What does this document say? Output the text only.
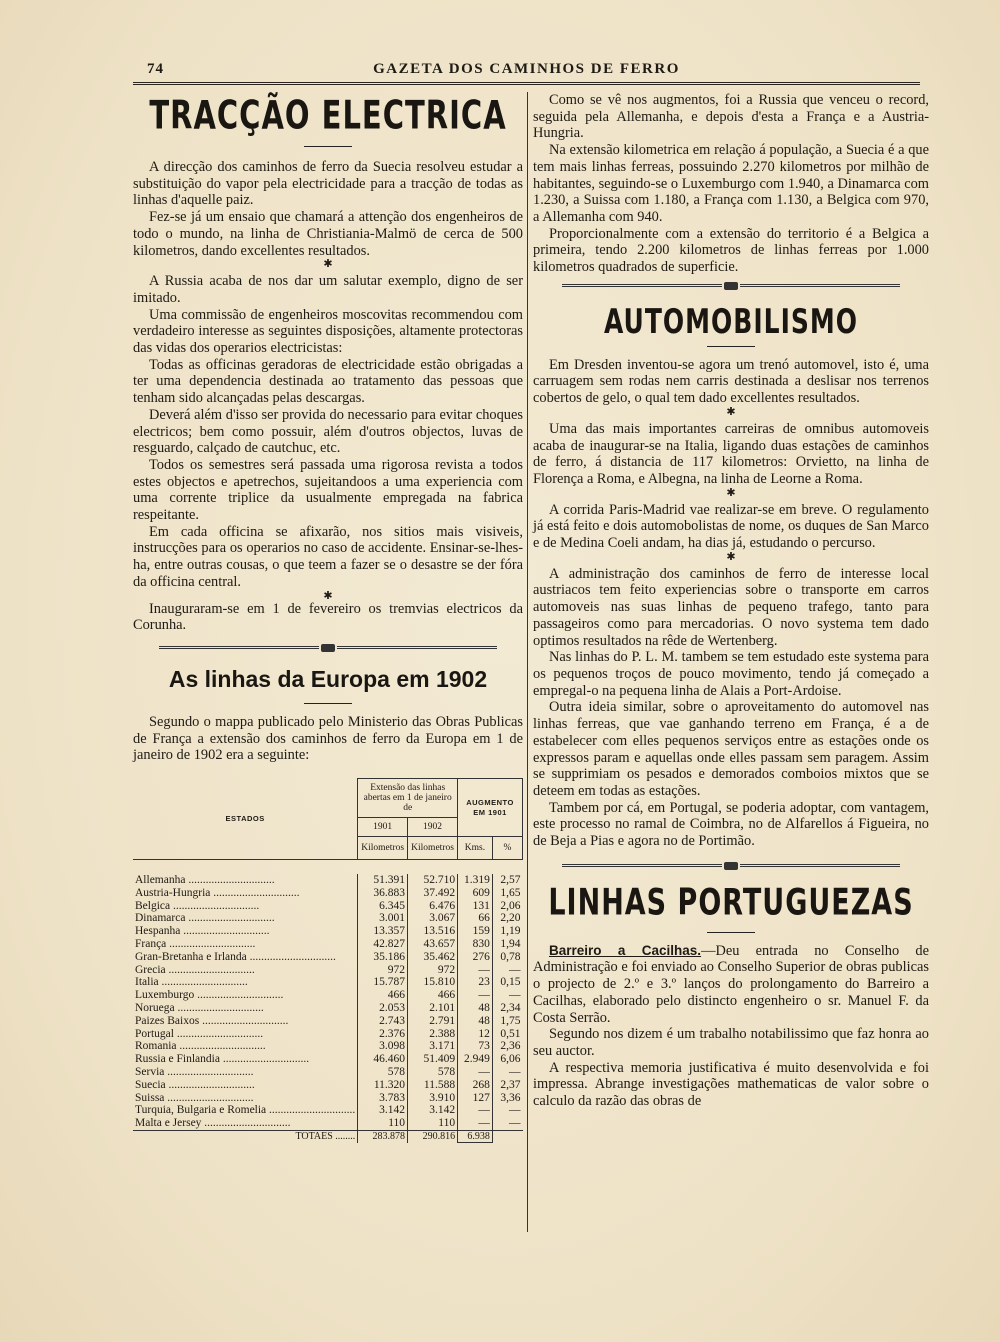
74	GAZETA DOS CAMINHOS DE FERRO
TRACÇÃO ELECTRICA

A direcção dos caminhos de ferro da Suecia resolveu estudar a substituição do vapor pela electricidade para a tracção de todas as linhas d'aquelle paiz.

Fez-se já um ensaio que chamará a attenção dos engenheiros de todo o mundo, na linha de Christiania-Malmö de cerca de 500 kilometros, dando excellentes resultados.

✱

A Russia acaba de nos dar um salutar exemplo, digno de ser imitado.

Uma commissão de engenheiros moscovitas recommendou com verdadeiro interesse as seguintes disposições, altamente protectoras das vidas dos operarios electricistas:

Todas as officinas geradoras de electricidade estão obrigadas a ter uma dependencia destinada ao tratamento das pessoas que tenham sido alcançadas pelas descargas.

Deverá além d'isso ser provida do necessario para evitar choques electricos; bem como possuir, além d'outros objectos, luvas de resguardo, calçado de cautchuc, etc.

Todos os semestres será passada uma rigorosa revista a todos estes objectos e apetrechos, sujeitandoos a uma experiencia com uma corrente triplice da usualmente empregada na fabrica respeitante.

Em cada officina se afixarão, nos sitios mais visiveis, instrucções para os operarios no caso de accidente. Ensinar-se-lhes-ha, entre outras cousas, o que teem a fazer se o desastre se der fóra da officina central.

✱

Inauguraram-se em 1 de fevereiro os tremvias electricos da Corunha.

As linhas da Europa em 1902

Segundo o mappa publicado pelo Ministerio das Obras Publicas de França a extensão dos caminhos de ferro da Europa em 1 de janeiro de 1902 era a seguinte:

ESTADOS	Extensão das linhas abertas em 1 de janeiro de		AUGMENTO EM 1901	
	1901	1902		
	Kilometros	Kilometros	Kms.	%

Allemanha ..............................	51.391	52.710	1.319	2,57
Austria-Hungria ..............................	36.883	37.492	609	1,65
Belgica ..............................	6.345	6.476	131	2,06
Dinamarca ..............................	3.001	3.067	66	2,20
Hespanha ..............................	13.357	13.516	159	1,19
França ..............................	42.827	43.657	830	1,94
Gran-Bretanha e Irlanda ..............................	35.186	35.462	276	0,78
Grecia ..............................	972	972	—	—
Italia ..............................	15.787	15.810	23	0,15
Luxemburgo ..............................	466	466	—	—
Noruega ..............................	2.053	2.101	48	2,34
Paizes Baixos ..............................	2.743	2.791	48	1,75
Portugal ..............................	2.376	2.388	12	0,51
Romania ..............................	3.098	3.171	73	2,36
Russia e Finlandia ..............................	46.460	51.409	2.949	6,06
Servia ..............................	578	578	—	—
Suecia ..............................	11.320	11.588	268	2,37
Suissa ..............................	3.783	3.910	127	3,36
Turquia, Bulgaria e Romelia ..............................	3.142	3.142	—	—
Malta e Jersey ..............................	110	110	—	—
TOTAES ........	283.878	290.816	6.938	

Como se vê nos augmentos, foi a Russia que venceu o record, seguida pela Allemanha, e depois d'esta a França e a Austria-Hungria.

Na extensão kilometrica em relação á população, a Suecia é a que tem mais linhas ferreas, possuindo 2.270 kilometros por milhão de habitantes, seguindo-se o Luxemburgo com 1.940, a Dinamarca com 1.230, a Suissa com 1.180, a França com 1.130, a Belgica com 970, a Allemanha com 940.

Proporcionalmente com a extensão do territorio é a Belgica a primeira, tendo 2.200 kilometros de linhas ferreas por 1.000 kilometros quadrados de superficie.

AUTOMOBILISMO

Em Dresden inventou-se agora um trenó automovel, isto é, uma carruagem sem rodas nem carris destinada a deslisar nos terrenos cobertos de gelo, o qual tem dado excellentes resultados.

✱

Uma das mais importantes carreiras de omnibus automoveis acaba de inaugurar-se na Italia, ligando duas estações de caminhos de ferro, á distancia de 117 kilometros: Orvietto, na linha de Florença a Roma, e Albegna, na linha de Leorne a Roma.

✱

A corrida Paris-Madrid vae realizar-se em breve. O regulamento já está feito e dois automobolistas de nome, os duques de San Marco e de Medina Coeli andam, ha dias já, estudando o percurso.

✱

A administração dos caminhos de ferro de interesse local austriacos tem feito experiencias sobre o transporte em carros automoveis nas suas linhas de pequeno trafego, tanto para passageiros como para mercadorias. O novo systema tem dado optimos resultados na rêde de Wertenberg.

Nas linhas do P. L. M. tambem se tem estudado este systema para os pequenos troços de pouco movimento, tendo já começado a empregal-o na pequena linha de Alais a Port-Ardoise.

Outra ideia similar, sobre o aproveitamento do automovel nas linhas ferreas, que vae ganhando terreno em França, é a de estabelecer com elles pequenos serviços entre as estações onde os expressos param e aquellas onde elles passam sem paragem. Assim se supprimiam os pesados e demorados comboios mixtos que se deteem em todas as estações.

Tambem por cá, em Portugal, se poderia adoptar, com vantagem, este processo no ramal de Coimbra, no de Alfarellos á Figueira, no de Beja a Pias e agora no de Portimão.

LINHAS PORTUGUEZAS

Barreiro a Cacilhas.—Deu entrada no Conselho de Administração e foi enviado ao Conselho Superior de obras publicas o projecto de 2.º e 3.º lanços do prolongamento do Barreiro a Cacilhas, elaborado pelo distincto engenheiro o sr. Manuel F. da Costa Serrão.

Segundo nos dizem é um trabalho notabilissimo que faz honra ao seu auctor.

A respectiva memoria justificativa é muito desenvolvida e foi impressa. Abrange investigações mathematicas de valor sobre o calculo da razão das obras de
